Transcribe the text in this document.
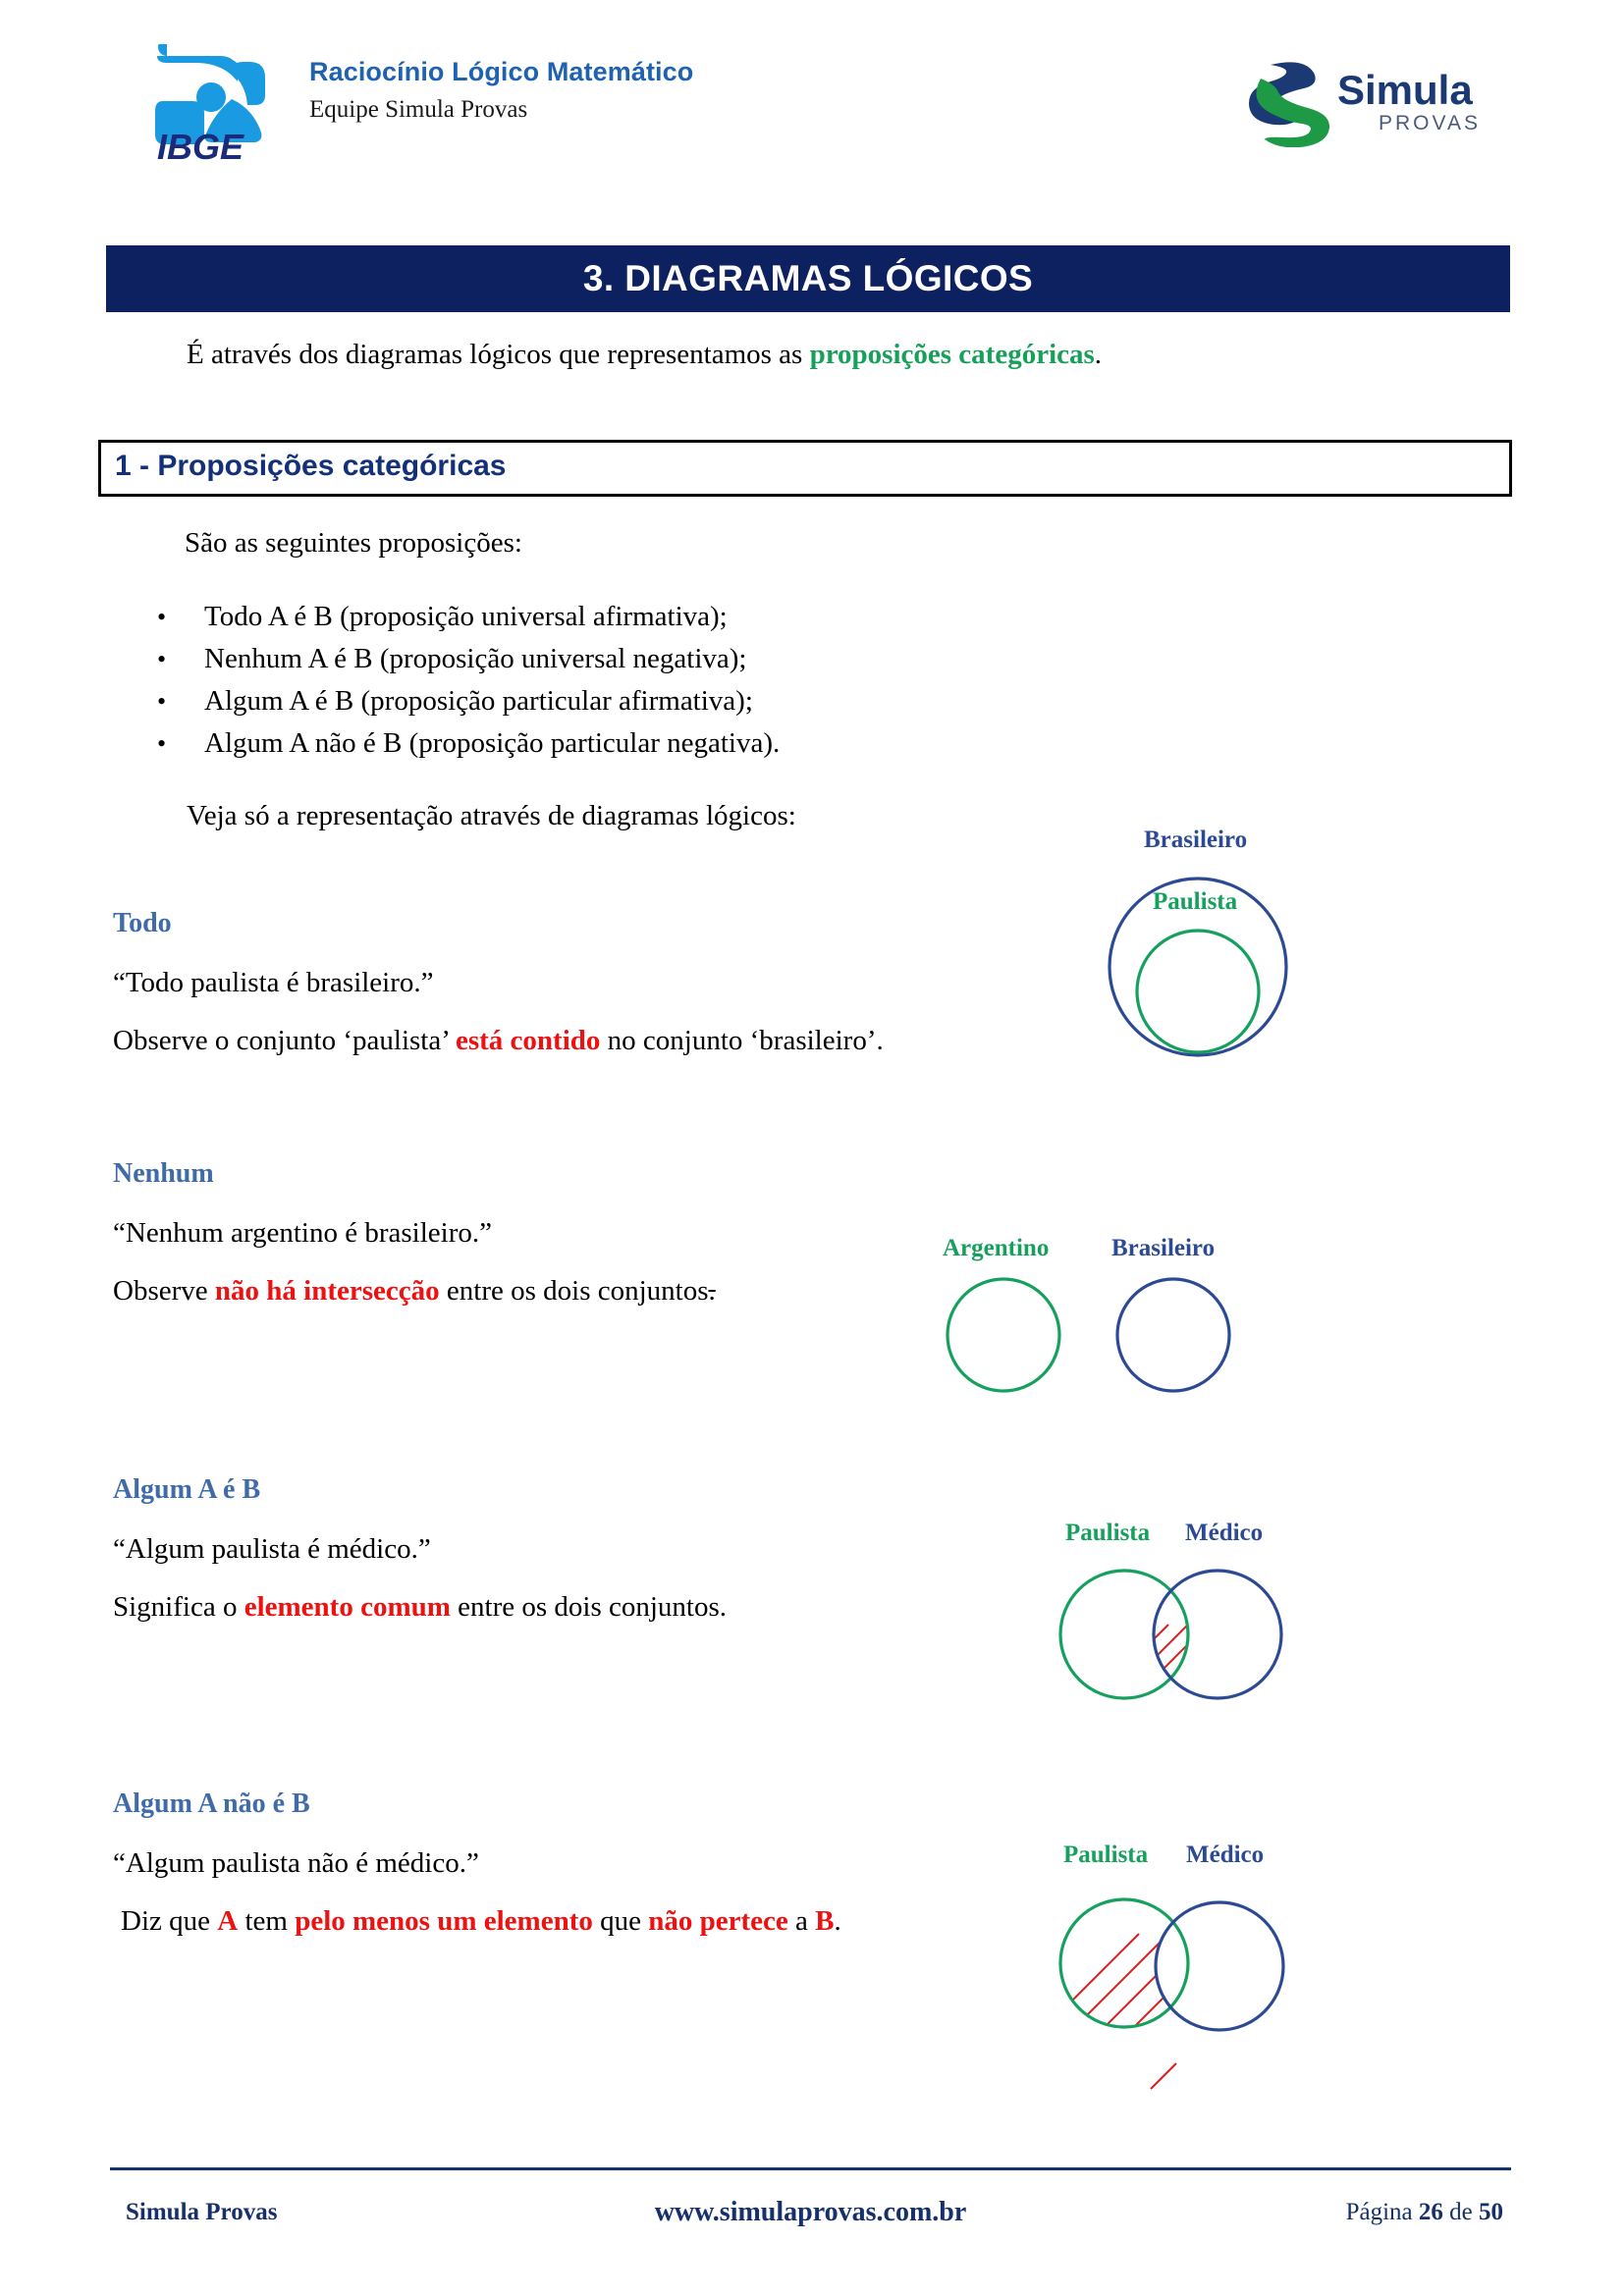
IBGE
Raciocínio Lógico Matemático
Equipe Simula Provas	Simula
PROVAS
3. DIAGRAMAS LÓGICOS
É através dos diagramas lógicos que representamos as proposições categóricas.
1 - Proposições categóricas
São as seguintes proposições:
•	Todo A é B (proposição universal afirmativa);
•	Nenhum A é B (proposição universal negativa);
•	Algum A é B (proposição particular afirmativa);
•	Algum A não é B (proposição particular negativa).
Veja só a representação através de diagramas lógicos:
Todo
“Todo paulista é brasileiro.”
Observe o conjunto ‘paulista’ está contido no conjunto ‘brasileiro’.
Brasileiro
Paulista
Nenhum
“Nenhum argentino é brasileiro.”
Observe não há intersecção entre os dois conjuntos.
Argentino	Brasileiro
Algum A é B
“Algum paulista é médico.”
Significa o elemento comum entre os dois conjuntos.
Paulista Médico
Algum A não é B
“Algum paulista não é médico.”
Diz que A tem pelo menos um elemento que não pertece a B.
Paulista Médico
Simula Provas	www.simulaprovas.com.br	Página 26 de 50
